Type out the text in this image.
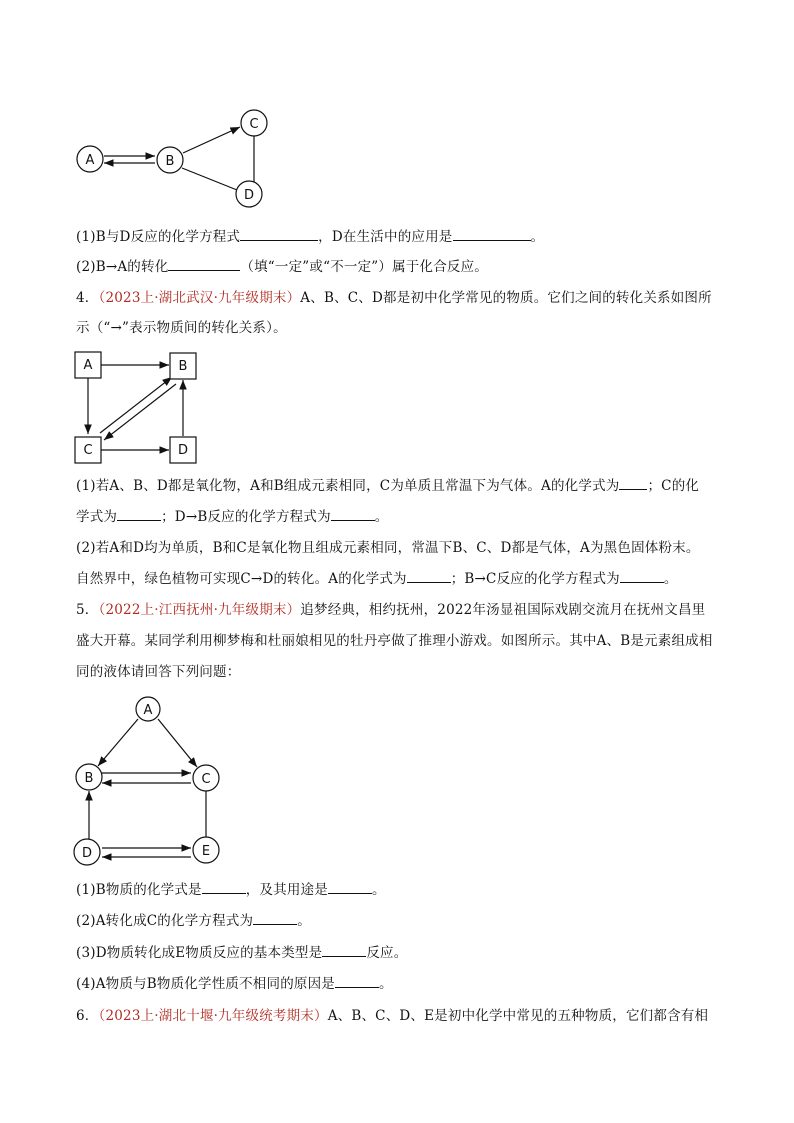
A	B
C
D
A	B
C	D
A
B	C
D	E
(1)B与D反应的化学方程式	，D在生活中的应用是	。
(2)B→A的转化	（填“一定”或“不一定”）属于化合反应。
4．（2023上·湖北武汉·九年级期末）A、B、C、D都是初中化学常见的物质。它们之间的转化关系如图所
示（“→”表示物质间的转化关系）。
(1)若A、B、D都是氧化物，A和B组成元素相同，C为单质且常温下为气体。A的化学式为 ；C的化
学式为	；D→B反应的化学方程式为	。
(2)若A和D均为单质，B和C是氧化物且组成元素相同，常温下B、C、D都是气体，A为黑色固体粉末。
自然界中，绿色植物可实现C→D的转化。A的化学式为	；B→C反应的化学方程式为	。
5．（2022上·江西抚州·九年级期末）追梦经典，相约抚州，2022年汤显祖国际戏剧交流月在抚州文昌里
盛大开幕。某同学利用柳梦梅和杜丽娘相见的牡丹亭做了推理小游戏。如图所示。其中A、B是元素组成相
同的液体请回答下列问题：
(1)B物质的化学式是	，及其用途是	。
(2)A转化成C的化学方程式为	。
(3)D物质转化成E物质反应的基本类型是	反应。
(4)A物质与B物质化学性质不相同的原因是	。
6．（2023上·湖北十堰·九年级统考期末）A、B、C、D、E是初中化学中常见的五种物质，它们都含有相
